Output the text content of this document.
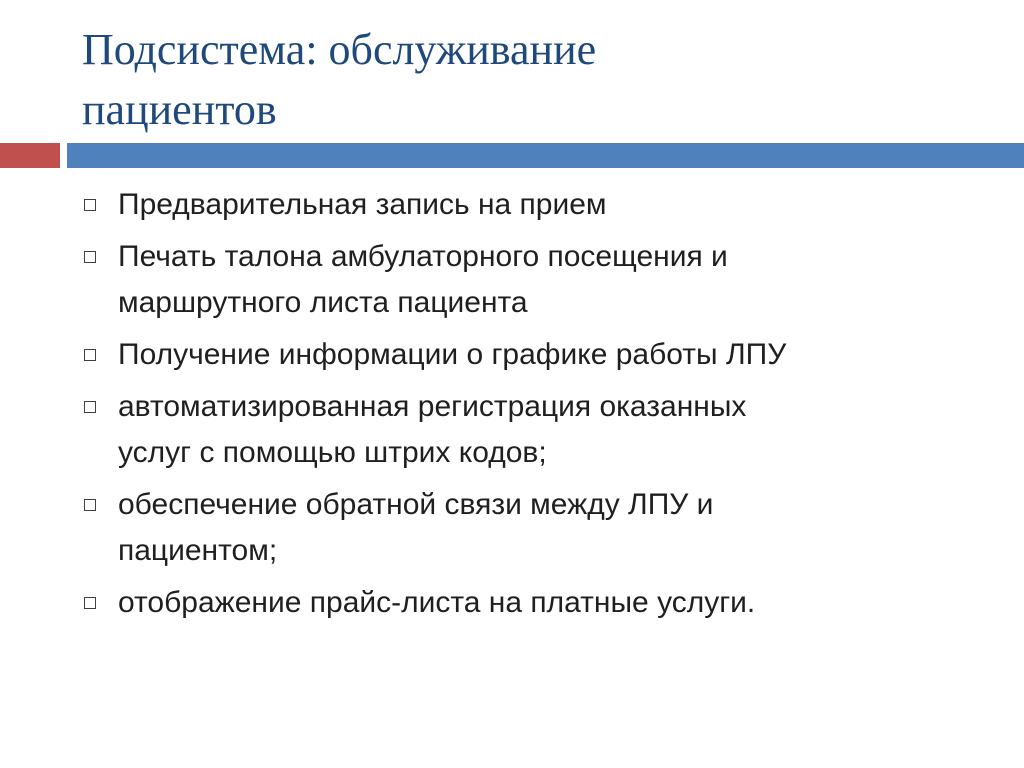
Подсистема: обслуживание
пациентов
Предварительная запись на прием
Печать талона амбулаторного посещения и
маршрутного листа пациента
Получение информации о графике работы ЛПУ
автоматизированная регистрация оказанных
услуг с помощью штрих кодов;
обеспечение обратной связи между ЛПУ и
пациентом;
отображение прайс-листа на платные услуги.
